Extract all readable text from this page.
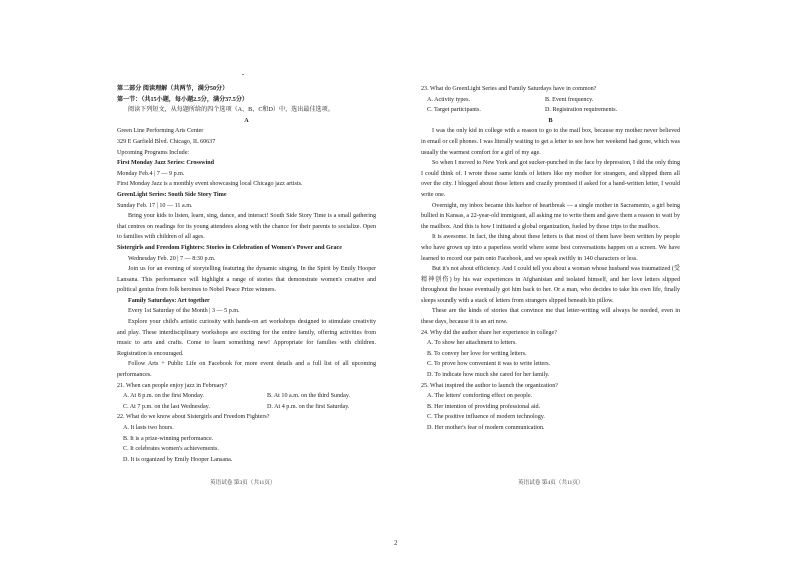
第二部分 阅读理解（共两节，满分50分）

第一节：（共15小题，每小题2.5分，满分37.5分）

阅读下列短文，从每题所给的四个选项（A、B、C和D）中，选出最佳选项。

A

Green Line Performing Arts Center

329 E Garfield Blvd. Chicago, IL 60637

Upcoming Programs Include:

First Monday Jazz Series: Crosswind

Monday Feb.4 | 7 — 9 p.m.

First Monday Jazz is a monthly event showcasing local Chicago jazz artists.

GreenLight Series: South Side Story Time

Sunday Feb. 17 | 10 — 11 a.m.

Bring your kids to listen, learn, sing, dance, and interact! South Side Story Time is a small gathering that centres on readings for its young attendees along with the chance for their parents to socialize. Open to families with children of all ages.

Sistergirls and Freedom Fighters: Stories in Celebration of Women's Power and Grace

Wednesday Feb. 20 | 7 — 8:30 p.m.

Join us for an evening of storytelling featuring the dynamic singing, In the Spirit by Emily Hooper Lansana. This performance will highlight a range of stories that demonstrate women's creative and political genius from folk heroines to Nobel Peace Prize winners.

Family Saturdays: Art together

Every 1st Saturday of the Month | 3 — 5 p.m.

Explore your child's artistic curiosity with hands-on art workshops designed to stimulate creativity and play. These interdisciplinary workshops are exciting for the entire family, offering activities from music to arts and crafts. Come to learn something new! Appropriate for families with children. Registration is encouraged.

Follow Arts + Public Life on Facebook for more event details and a full list of all upcoming performances.

21. When can people enjoy jazz in February?

A. At 8 p.m. on the first Monday.	B. At 10 a.m. on the third Sunday.
C. At 7 p.m. on the last Wednesday.	D. At 4 p.m. on the first Saturday.

22. What do we know about Sistergirls and Freedom Fighters?

A. It lasts two hours.

B. It is a prize-winning performance.

C. It celebrates women's achievements.

D. It is organized by Emily Hooper Lansana.

23. What do GreenLight Series and Family Saturdays have in common?

A. Activity types.	B. Event frequency.
C. Target participants.	D. Registration requirements.

B

I was the only kid in college with a reason to go to the mail box, because my mother never believed in email or cell phones. I was literally waiting to get a letter to see how her weekend had gone, which was usually the warmest comfort for a girl of my age.

So when I moved to New York and got sucker-punched in the face by depression, I did the only thing I could think of. I wrote those same kinds of letters like my mother for strangers, and slipped them all over the city. I blogged about those letters and crazily promised if asked for a hand-written letter, I would write one.

Overnight, my inbox became this harbor of heartbreak — a single mother in Sacramento, a girl being bullied in Kansas, a 22-year-old immigrant, all asking me to write them and gave them a reason to wait by the mailbox. And this is how I initiated a global organization, fueled by those trips to the mailbox.

It is awesome. In fact, the thing about these letters is that most of them have been written by people who have grown up into a paperless world where some best conversations happen on a screen. We have learned to record our pain onto Facebook, and we speak swiftly in 140 characters or less.

But it's not about efficiency. And I could tell you about a woman whose husband was traumatized (受精神创伤) by his war experiences in Afghanistan and isolated himself, and her love letters slipped throughout the house eventually got him back to her. Or a man, who decides to take his own life, finally sleeps soundly with a stack of letters from strangers slipped beneath his pillow.

These are the kinds of stories that convince me that letter-writing will always be needed, even in these days, because it is an art now.

24. Why did the author share her experience in college?

A. To show her attachment to letters.

B. To convey her love for writing letters.

C. To prove how convenient it was to write letters.

D. To indicate how much she cared for her family.

25. What inspired the author to launch the organization?

A. The letters' comforting effect on people.

B. Her intention of providing professional aid.

C. The positive influence of modern technology.

D. Her mother's fear of modern communication.

英语试卷 第3页（共11页）	英语试卷 第4页（共11页）
2
